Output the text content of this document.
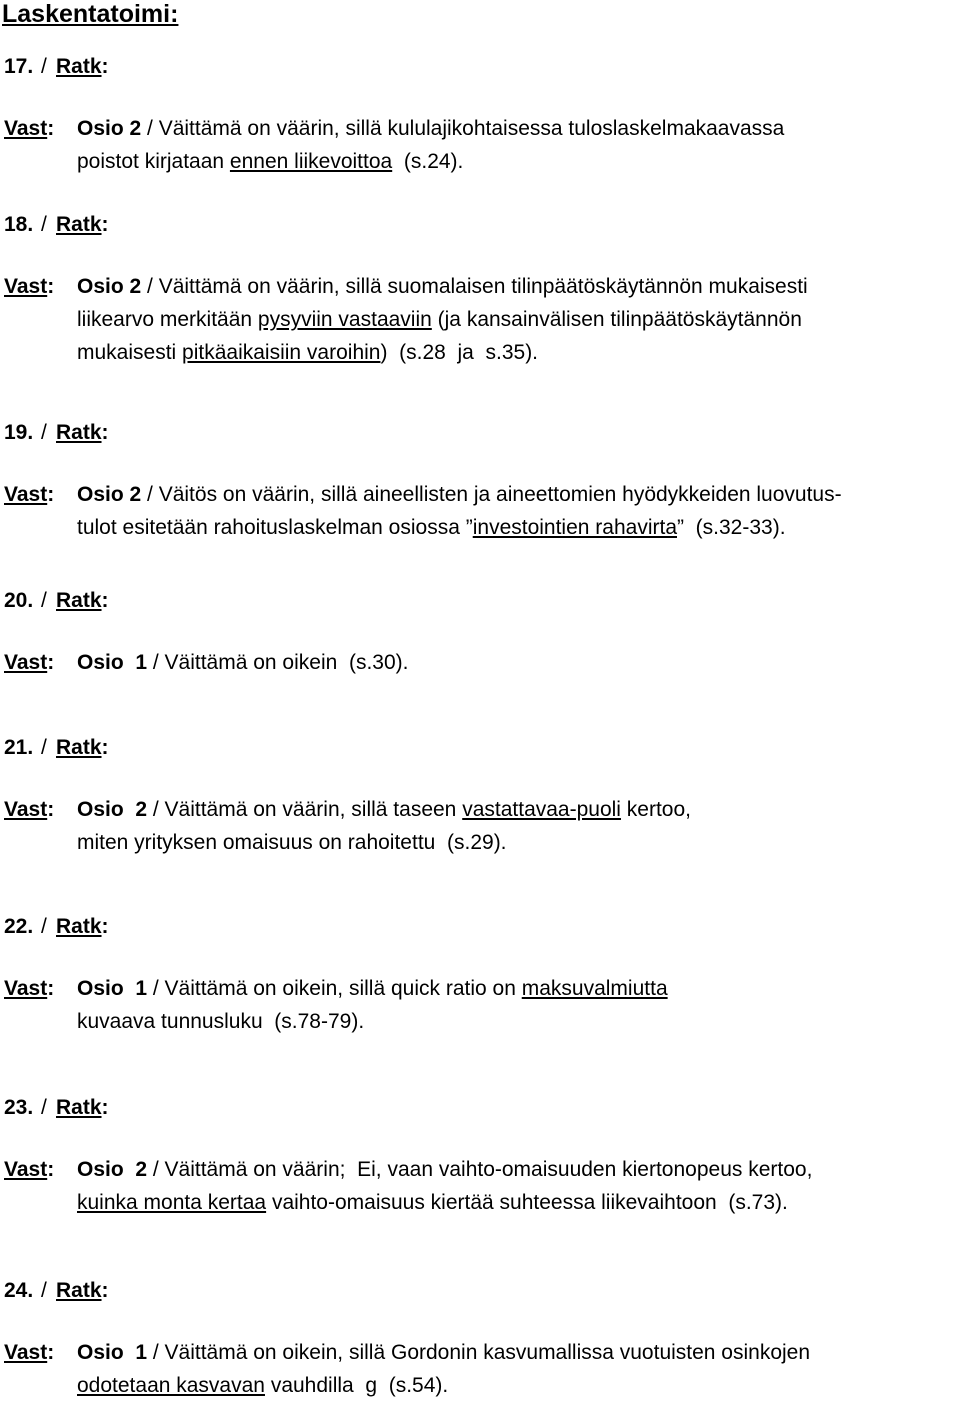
Laskentatoimi:
17. / Ratk:
Vast: Osio 2 / Väittämä on väärin, sillä kululajikohtaisessa tuloslaskelmakaavassa
poistot kirjataan ennen liikevoittoa  (s.24).
18. / Ratk:
Vast: Osio 2 / Väittämä on väärin, sillä suomalaisen tilinpäätöskäytännön mukaisesti
liikearvo merkitään pysyviin vastaaviin (ja kansainvälisen tilinpäätöskäytännön
mukaisesti pitkäaikaisiin varoihin)  (s.28  ja  s.35).
19. / Ratk:
Vast: Osio 2 / Väitös on väärin, sillä aineellisten ja aineettomien hyödykkeiden luovutus-
tulot esitetään rahoituslaskelman osiossa ”investointien rahavirta”  (s.32-33).
20. / Ratk:
Vast: Osio  1 / Väittämä on oikein  (s.30).
21. / Ratk:
Vast: Osio  2 / Väittämä on väärin, sillä taseen vastattavaa-puoli kertoo,
miten yrityksen omaisuus on rahoitettu  (s.29).
22. / Ratk:
Vast: Osio  1 / Väittämä on oikein, sillä quick ratio on maksuvalmiutta
kuvaava tunnusluku  (s.78-79).
23. / Ratk:
Vast: Osio  2 / Väittämä on väärin;  Ei, vaan vaihto-omaisuuden kiertonopeus kertoo,
kuinka monta kertaa vaihto-omaisuus kiertää suhteessa liikevaihtoon  (s.73).
24. / Ratk:
Vast: Osio  1 / Väittämä on oikein, sillä Gordonin kasvumallissa vuotuisten osinkojen
odotetaan kasvavan vauhdilla  g  (s.54).
